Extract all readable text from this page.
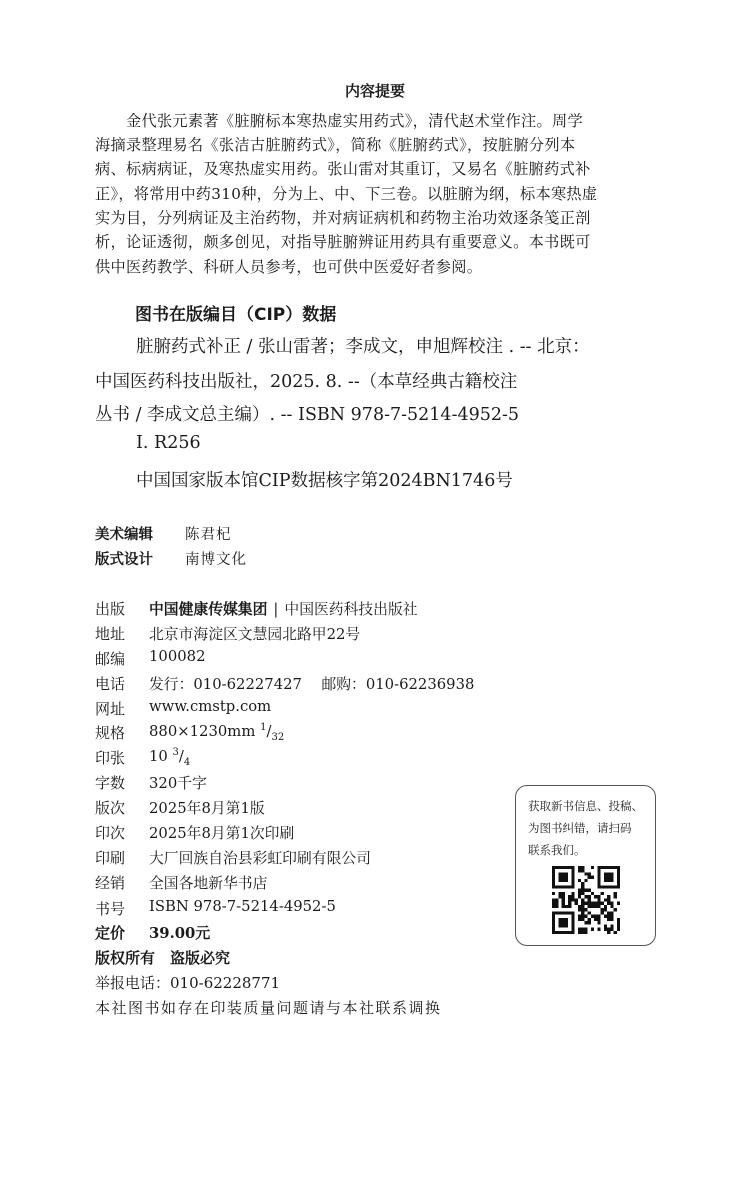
内容提要
　　金代张元素著《脏腑标本寒热虚实用药式》，清代赵术堂作注。周学
海摘录整理易名《张洁古脏腑药式》，简称《脏腑药式》，按脏腑分列本
病、标病病证，及寒热虚实用药。张山雷对其重订，又易名《脏腑药式补
正》，将常用中药310种，分为上、中、下三卷。以脏腑为纲，标本寒热虚
实为目，分列病证及主治药物，并对病证病机和药物主治功效逐条笺正剖
析，论证透彻，颇多创见，对指导脏腑辨证用药具有重要意义。本书既可
供中医药教学、科研人员参考，也可供中医爱好者参阅。
图书在版编目（CIP）数据
脏腑药式补正 / 张山雷著；李成文，申旭辉校注 . -- 北京：
中国医药科技出版社，2025. 8. --（本草经典古籍校注
丛书 / 李成文总主编）. -- ISBN 978-7-5214-4952-5
Ⅰ. R256
中国国家版本馆CIP数据核字第2024BN1746号
美术编辑 陈君杞
版式设计 南博文化
出版 中国健康传媒集团 | 中国医药科技出版社
地址 北京市海淀区文慧园北路甲22号
邮编 100082
电话 发行：010-62227427　 邮购：010-62236938
网址 www.cmstp.com
规格 880×1230mm $^1/_{32}$
印张 10 $^3/_4$
字数 320千字
版次 2025年8月第1版
印次 2025年8月第1次印刷
印刷 大厂回族自治县彩虹印刷有限公司
经销 全国各地新华书店
书号 ISBN 978-7-5214-4952-5
定价 39.00元
版权所有　盗版必究
举报电话：010-62228771
本社图书如存在印装质量问题请与本社联系调换
获取新书信息、投稿、
为图书纠错，请扫码
联系我们。
